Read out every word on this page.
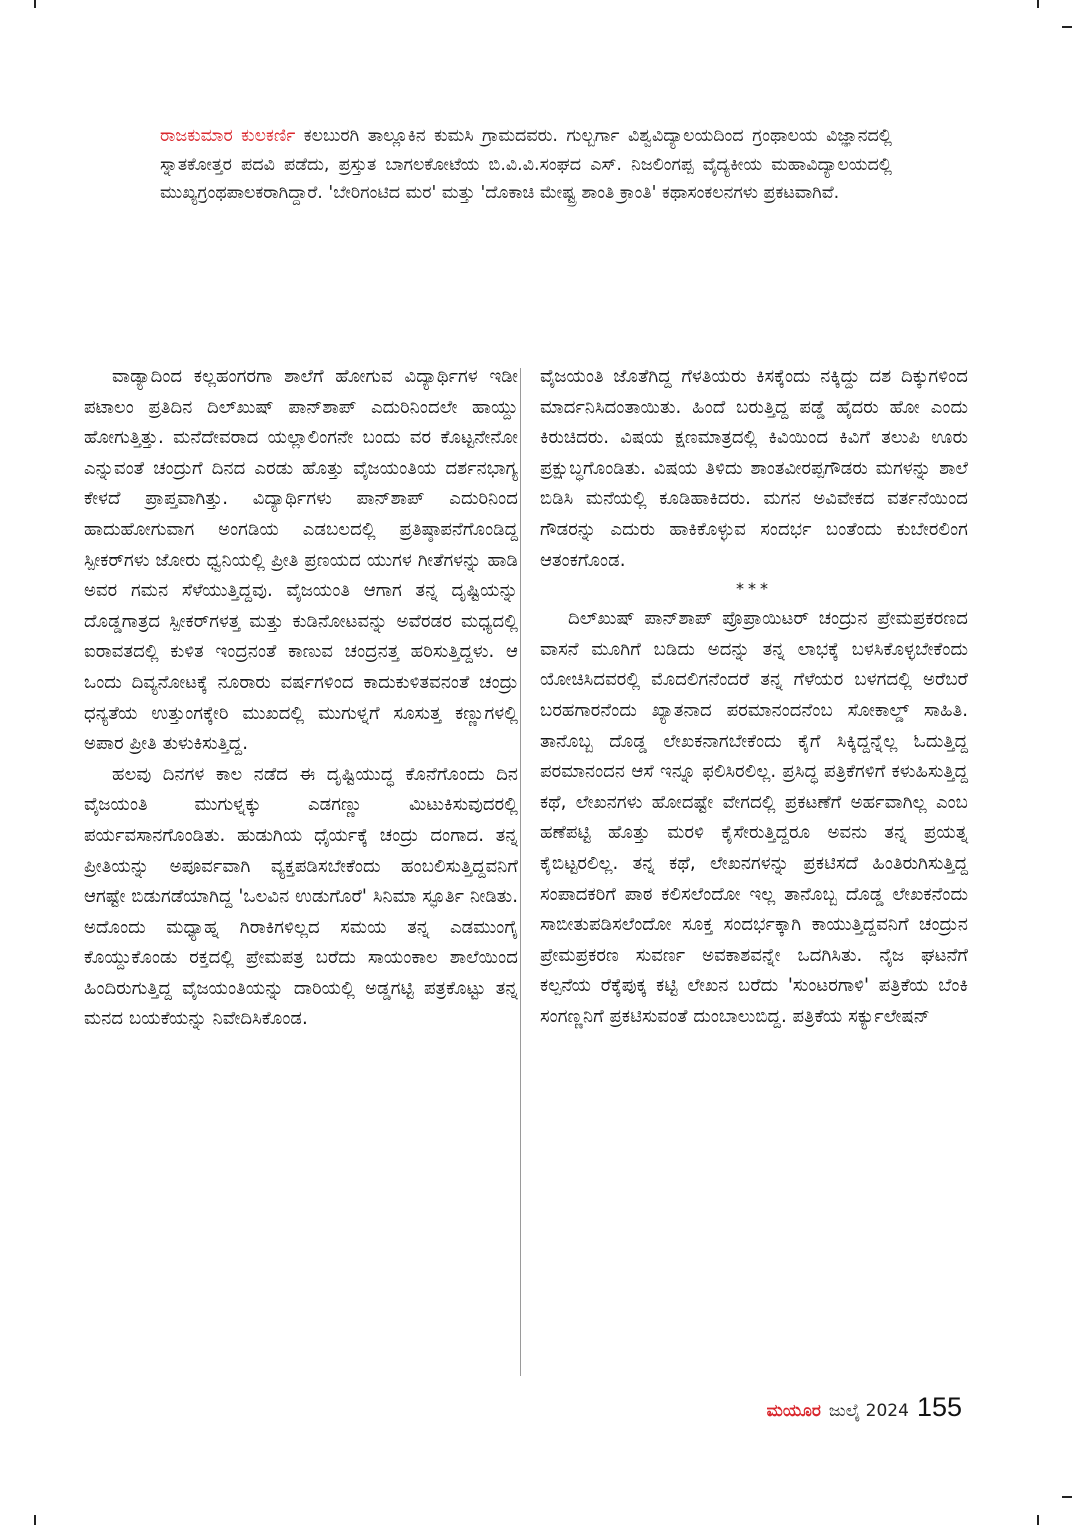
ರಾಜಕುಮಾರ ಕುಲಕರ್ಣಿ ಕಲಬುರಗಿ ತಾಲ್ಲೂಕಿನ ಕುಮಸಿ ಗ್ರಾಮದವರು. ಗುಲ್ಬರ್ಗಾ ವಿಶ್ವವಿದ್ಯಾಲಯದಿಂದ ಗ್ರಂಥಾಲಯ ವಿಜ್ಞಾನದಲ್ಲಿ ಸ್ನಾತಕೋತ್ತರ ಪದವಿ ಪಡೆದು, ಪ್ರಸ್ತುತ ಬಾಗಲಕೋಟೆಯ ಬಿ.ವಿ.ವಿ.ಸಂಘದ ಎಸ್. ನಿಜಲಿಂಗಪ್ಪ ವೈದ್ಯಕೀಯ ಮಹಾವಿದ್ಯಾಲಯದಲ್ಲಿ ಮುಖ್ಯಗ್ರಂಥಪಾಲಕರಾಗಿದ್ದಾರೆ. 'ಬೇರಿಗಂಟಿದ ಮರ' ಮತ್ತು 'ದೊಕಾಚಿ ಮೇಷ್ಟ್ರ ಶಾಂತಿ ಕ್ರಾಂತಿ' ಕಥಾಸಂಕಲನಗಳು ಪ್ರಕಟವಾಗಿವೆ.

ವಾಡ್ಯಾದಿಂದ ಕಲ್ಲಹಂಗರಗಾ ಶಾಲೆಗೆ ಹೋಗುವ ವಿದ್ಯಾರ್ಥಿಗಳ ಇಡೀ ಪಟಾಲಂ ಪ್ರತಿದಿನ ದಿಲ್‌ಖುಷ್ ಪಾನ್‌ಶಾಪ್ ಎದುರಿನಿಂದಲೇ ಹಾಯ್ದು ಹೋಗುತ್ತಿತ್ತು. ಮನೆದೇವರಾದ ಯಲ್ಲಾಲಿಂಗನೇ ಬಂದು ವರ ಕೊಟ್ಟನೇನೋ ಎನ್ನುವಂತೆ ಚಂದ್ರುಗೆ ದಿನದ ಎರಡು ಹೊತ್ತು ವೈಜಯಂತಿಯ ದರ್ಶನಭಾಗ್ಯ ಕೇಳದೆ ಪ್ರಾಪ್ತವಾಗಿತ್ತು. ವಿದ್ಯಾರ್ಥಿಗಳು ಪಾನ್‌ಶಾಪ್ ಎದುರಿನಿಂದ ಹಾದುಹೋಗುವಾಗ ಅಂಗಡಿಯ ಎಡಬಲದಲ್ಲಿ ಪ್ರತಿಷ್ಠಾಪನೆಗೊಂಡಿದ್ದ ಸ್ಪೀಕರ್‌ಗಳು ಜೋರು ಧ್ವನಿಯಲ್ಲಿ ಪ್ರೀತಿ ಪ್ರಣಯದ ಯುಗಳ ಗೀತೆಗಳನ್ನು ಹಾಡಿ ಅವರ ಗಮನ ಸೆಳೆಯುತ್ತಿದ್ದವು. ವೈಜಯಂತಿ ಆಗಾಗ ತನ್ನ ದೃಷ್ಟಿಯನ್ನು ದೊಡ್ಡಗಾತ್ರದ ಸ್ಪೀಕರ್‌ಗಳತ್ತ ಮತ್ತು ಕುಡಿನೋಟವನ್ನು ಅವೆರಡರ ಮಧ್ಯದಲ್ಲಿ ಐರಾವತದಲ್ಲಿ ಕುಳಿತ ಇಂದ್ರನಂತೆ ಕಾಣುವ ಚಂದ್ರನತ್ತ ಹರಿಸುತ್ತಿದ್ದಳು. ಆ ಒಂದು ದಿವ್ಯನೋಟಕ್ಕೆ ನೂರಾರು ವರ್ಷಗಳಿಂದ ಕಾದುಕುಳಿತವನಂತೆ ಚಂದ್ರು ಧನ್ಯತೆಯ ಉತ್ತುಂಗಕ್ಕೇರಿ ಮುಖದಲ್ಲಿ ಮುಗುಳ್ನಗೆ ಸೂಸುತ್ತ ಕಣ್ಣುಗಳಲ್ಲಿ ಅಪಾರ ಪ್ರೀತಿ ತುಳುಕಿಸುತ್ತಿದ್ದ.

ಹಲವು ದಿನಗಳ ಕಾಲ ನಡೆದ ಈ ದೃಷ್ಟಿಯುದ್ಧ ಕೊನೆಗೊಂದು ದಿನ ವೈಜಯಂತಿ ಮುಗುಳ್ನಕ್ಕು ಎಡಗಣ್ಣು ಮಿಟುಕಿಸುವುದರಲ್ಲಿ ಪರ್ಯವಸಾನಗೊಂಡಿತು. ಹುಡುಗಿಯ ಧೈರ್ಯಕ್ಕೆ ಚಂದ್ರು ದಂಗಾದ. ತನ್ನ ಪ್ರೀತಿಯನ್ನು ಅಪೂರ್ವವಾಗಿ ವ್ಯಕ್ತಪಡಿಸಬೇಕೆಂದು ಹಂಬಲಿಸುತ್ತಿದ್ದವನಿಗೆ ಆಗಷ್ಟೇ ಬಿಡುಗಡೆಯಾಗಿದ್ದ 'ಒಲವಿನ ಉಡುಗೊರೆ' ಸಿನಿಮಾ ಸ್ಫೂರ್ತಿ ನೀಡಿತು. ಅದೊಂದು ಮಧ್ಯಾಹ್ನ ಗಿರಾಕಿಗಳಿಲ್ಲದ ಸಮಯ ತನ್ನ ಎಡಮುಂಗೈ ಕೊಯ್ದುಕೊಂಡು ರಕ್ತದಲ್ಲಿ ಪ್ರೇಮಪತ್ರ ಬರೆದು ಸಾಯಂಕಾಲ ಶಾಲೆಯಿಂದ ಹಿಂದಿರುಗುತ್ತಿದ್ದ ವೈಜಯಂತಿಯನ್ನು ದಾರಿಯಲ್ಲಿ ಅಡ್ಡಗಟ್ಟಿ ಪತ್ರಕೊಟ್ಟು ತನ್ನ ಮನದ ಬಯಕೆಯನ್ನು ನಿವೇದಿಸಿಕೊಂಡ.

ವೈಜಯಂತಿ ಜೊತೆಗಿದ್ದ ಗೆಳತಿಯರು ಕಿಸಕ್ಕೆಂದು ನಕ್ಕಿದ್ದು ದಶ ದಿಕ್ಕುಗಳಿಂದ ಮಾರ್ದನಿಸಿದಂತಾಯಿತು. ಹಿಂದೆ ಬರುತ್ತಿದ್ದ ಪಡ್ಡೆ ಹೈದರು ಹೋ ಎಂದು ಕಿರುಚಿದರು. ವಿಷಯ ಕ್ಷಣಮಾತ್ರದಲ್ಲಿ ಕಿವಿಯಿಂದ ಕಿವಿಗೆ ತಲುಪಿ ಊರು ಪ್ರಕ್ಷುಬ್ಧಗೊಂಡಿತು. ವಿಷಯ ತಿಳಿದು ಶಾಂತವೀರಪ್ಪಗೌಡರು ಮಗಳನ್ನು ಶಾಲೆ ಬಿಡಿಸಿ ಮನೆಯಲ್ಲಿ ಕೂಡಿಹಾಕಿದರು. ಮಗನ ಅವಿವೇಕದ ವರ್ತನೆಯಿಂದ ಗೌಡರನ್ನು ಎದುರು ಹಾಕಿಕೊಳ್ಳುವ ಸಂದರ್ಭ ಬಂತೆಂದು ಕುಬೇರಲಿಂಗ ಆತಂಕಗೊಂಡ.

***

ದಿಲ್‌ಖುಷ್ ಪಾನ್‌ಶಾಪ್ ಪ್ರೊಪ್ರಾಯಿಟರ್ ಚಂದ್ರುನ ಪ್ರೇಮಪ್ರಕರಣದ ವಾಸನೆ ಮೂಗಿಗೆ ಬಡಿದು ಅದನ್ನು ತನ್ನ ಲಾಭಕ್ಕೆ ಬಳಸಿಕೊಳ್ಳಬೇಕೆಂದು ಯೋಚಿಸಿದವರಲ್ಲಿ ಮೊದಲಿಗನೆಂದರೆ ತನ್ನ ಗೆಳೆಯರ ಬಳಗದಲ್ಲಿ ಅರೆಬರೆ ಬರಹಗಾರನೆಂದು ಖ್ಯಾತನಾದ ಪರಮಾನಂದನೆಂಬ ಸೋಕಾಲ್ಡ್ ಸಾಹಿತಿ. ತಾನೊಬ್ಬ ದೊಡ್ಡ ಲೇಖಕನಾಗಬೇಕೆಂದು ಕೈಗೆ ಸಿಕ್ಕಿದ್ದನ್ನೆಲ್ಲ ಓದುತ್ತಿದ್ದ ಪರಮಾನಂದನ ಆಸೆ ಇನ್ನೂ ಫಲಿಸಿರಲಿಲ್ಲ. ಪ್ರಸಿದ್ಧ ಪತ್ರಿಕೆಗಳಿಗೆ ಕಳುಹಿಸುತ್ತಿದ್ದ ಕಥೆ, ಲೇಖನಗಳು ಹೋದಷ್ಟೇ ವೇಗದಲ್ಲಿ ಪ್ರಕಟಣೆಗೆ ಅರ್ಹವಾಗಿಲ್ಲ ಎಂಬ ಹಣೆಪಟ್ಟಿ ಹೊತ್ತು ಮರಳಿ ಕೈಸೇರುತ್ತಿದ್ದರೂ ಅವನು ತನ್ನ ಪ್ರಯತ್ನ ಕೈಬಿಟ್ಟರಲಿಲ್ಲ. ತನ್ನ ಕಥೆ, ಲೇಖನಗಳನ್ನು ಪ್ರಕಟಿಸದೆ ಹಿಂತಿರುಗಿಸುತ್ತಿದ್ದ ಸಂಪಾದಕರಿಗೆ ಪಾಠ ಕಲಿಸಲೆಂದೋ ಇಲ್ಲ ತಾನೊಬ್ಬ ದೊಡ್ಡ ಲೇಖಕನೆಂದು ಸಾಬೀತುಪಡಿಸಲೆಂದೋ ಸೂಕ್ತ ಸಂದರ್ಭಕ್ಕಾಗಿ ಕಾಯುತ್ತಿದ್ದವನಿಗೆ ಚಂದ್ರುನ ಪ್ರೇಮಪ್ರಕರಣ ಸುವರ್ಣ ಅವಕಾಶವನ್ನೇ ಒದಗಿಸಿತು. ನೈಜ ಘಟನೆಗೆ ಕಲ್ಪನೆಯ ರೆಕ್ಕೆಪುಕ್ಕ ಕಟ್ಟಿ ಲೇಖನ ಬರೆದು 'ಸುಂಟರಗಾಳಿ' ಪತ್ರಿಕೆಯ ಬೆಂಕಿ ಸಂಗಣ್ಣನಿಗೆ ಪ್ರಕಟಿಸುವಂತೆ ದುಂಬಾಲುಬಿದ್ದ. ಪತ್ರಿಕೆಯ ಸರ್ಕ್ಯುಲೇಷನ್

ಮಯೂರ ಜುಲೈ 2024 155
